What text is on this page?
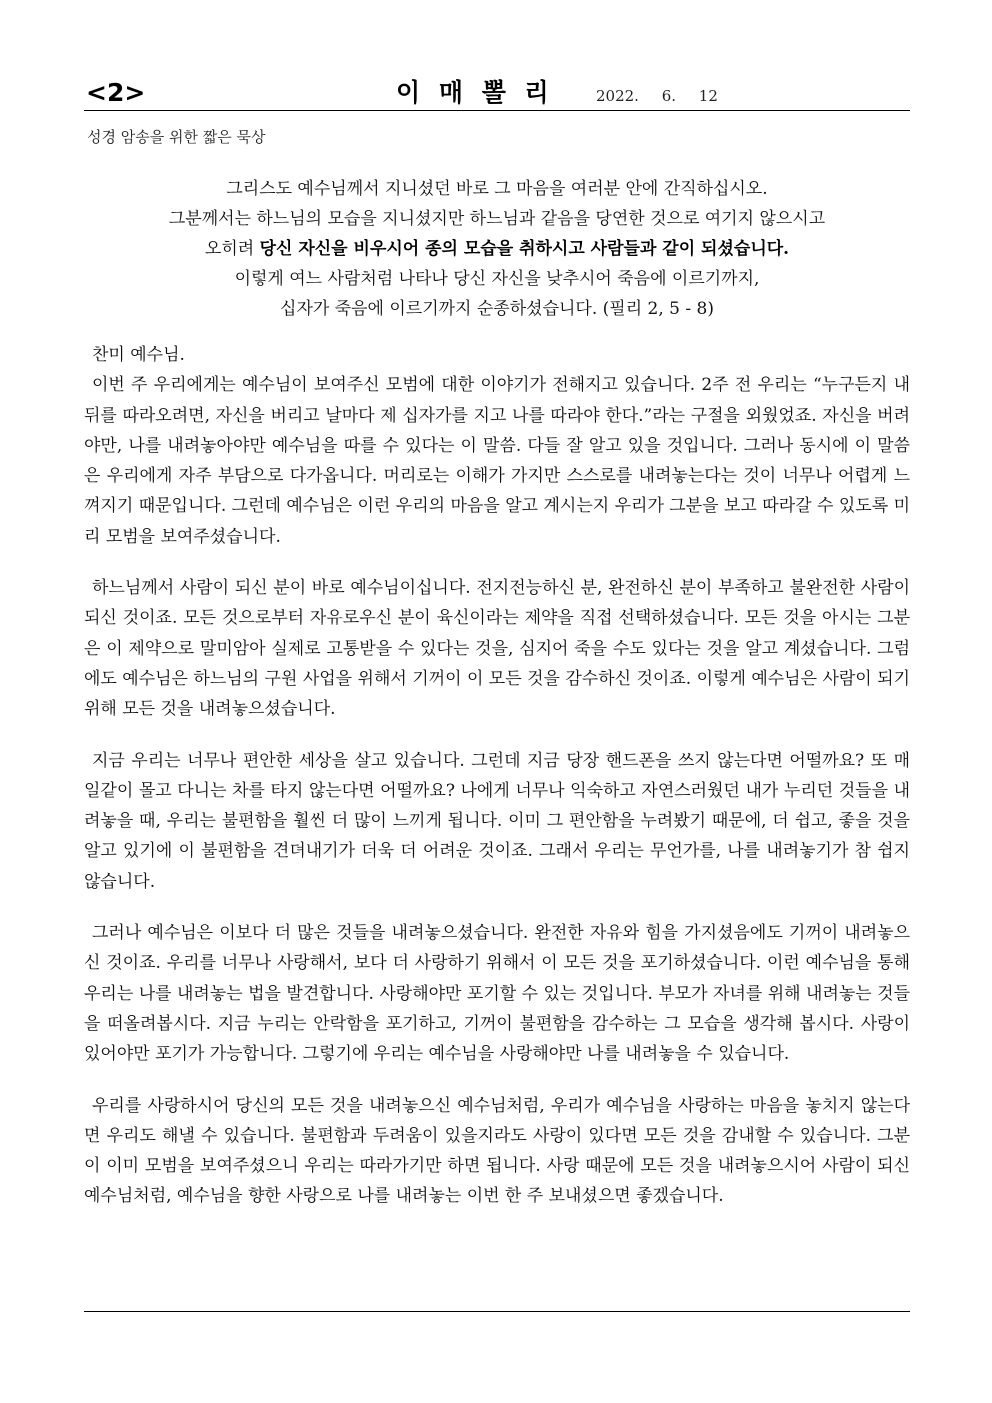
<2>	이 매 뽈 리	2022. 6. 12
성경 암송을 위한 짧은 묵상
그리스도 예수님께서 지니셨던 바로 그 마음을 여러분 안에 간직하십시오.
그분께서는 하느님의 모습을 지니셨지만 하느님과 같음을 당연한 것으로 여기지 않으시고
오히려 당신 자신을 비우시어 종의 모습을 취하시고 사람들과 같이 되셨습니다.
이렇게 여느 사람처럼 나타나 당신 자신을 낮추시어 죽음에 이르기까지,
십자가 죽음에 이르기까지 순종하셨습니다. (필리 2, 5 - 8)

찬미 예수님.

이번 주 우리에게는 예수님이 보여주신 모범에 대한 이야기가 전해지고 있습니다. 2주 전 우리는 “누구든지 내 뒤를 따라오려면, 자신을 버리고 날마다 제 십자가를 지고 나를 따라야 한다.”라는 구절을 외웠었죠. 자신을 버려야만, 나를 내려놓아야만 예수님을 따를 수 있다는 이 말씀. 다들 잘 알고 있을 것입니다. 그러나 동시에 이 말씀은 우리에게 자주 부담으로 다가옵니다. 머리로는 이해가 가지만 스스로를 내려놓는다는 것이 너무나 어렵게 느껴지기 때문입니다. 그런데 예수님은 이런 우리의 마음을 알고 계시는지 우리가 그분을 보고 따라갈 수 있도록 미리 모범을 보여주셨습니다.

하느님께서 사람이 되신 분이 바로 예수님이십니다. 전지전능하신 분, 완전하신 분이 부족하고 불완전한 사람이 되신 것이죠. 모든 것으로부터 자유로우신 분이 육신이라는 제약을 직접 선택하셨습니다. 모든 것을 아시는 그분은 이 제약으로 말미암아 실제로 고통받을 수 있다는 것을, 심지어 죽을 수도 있다는 것을 알고 계셨습니다. 그럼에도 예수님은 하느님의 구원 사업을 위해서 기꺼이 이 모든 것을 감수하신 것이죠. 이렇게 예수님은 사람이 되기 위해 모든 것을 내려놓으셨습니다.

지금 우리는 너무나 편안한 세상을 살고 있습니다. 그런데 지금 당장 핸드폰을 쓰지 않는다면 어떨까요? 또 매일같이 몰고 다니는 차를 타지 않는다면 어떨까요? 나에게 너무나 익숙하고 자연스러웠던 내가 누리던 것들을 내려놓을 때, 우리는 불편함을 훨씬 더 많이 느끼게 됩니다. 이미 그 편안함을 누려봤기 때문에, 더 쉽고, 좋을 것을 알고 있기에 이 불편함을 견뎌내기가 더욱 더 어려운 것이죠. 그래서 우리는 무언가를, 나를 내려놓기가 참 쉽지 않습니다.

그러나 예수님은 이보다 더 많은 것들을 내려놓으셨습니다. 완전한 자유와 힘을 가지셨음에도 기꺼이 내려놓으신 것이죠. 우리를 너무나 사랑해서, 보다 더 사랑하기 위해서 이 모든 것을 포기하셨습니다. 이런 예수님을 통해 우리는 나를 내려놓는 법을 발견합니다. 사랑해야만 포기할 수 있는 것입니다. 부모가 자녀를 위해 내려놓는 것들을 떠올려봅시다. 지금 누리는 안락함을 포기하고, 기꺼이 불편함을 감수하는 그 모습을 생각해 봅시다. 사랑이 있어야만 포기가 가능합니다. 그렇기에 우리는 예수님을 사랑해야만 나를 내려놓을 수 있습니다.

우리를 사랑하시어 당신의 모든 것을 내려놓으신 예수님처럼, 우리가 예수님을 사랑하는 마음을 놓치지 않는다면 우리도 해낼 수 있습니다. 불편함과 두려움이 있을지라도 사랑이 있다면 모든 것을 감내할 수 있습니다. 그분이 이미 모범을 보여주셨으니 우리는 따라가기만 하면 됩니다. 사랑 때문에 모든 것을 내려놓으시어 사람이 되신 예수님처럼, 예수님을 향한 사랑으로 나를 내려놓는 이번 한 주 보내셨으면 좋겠습니다.
